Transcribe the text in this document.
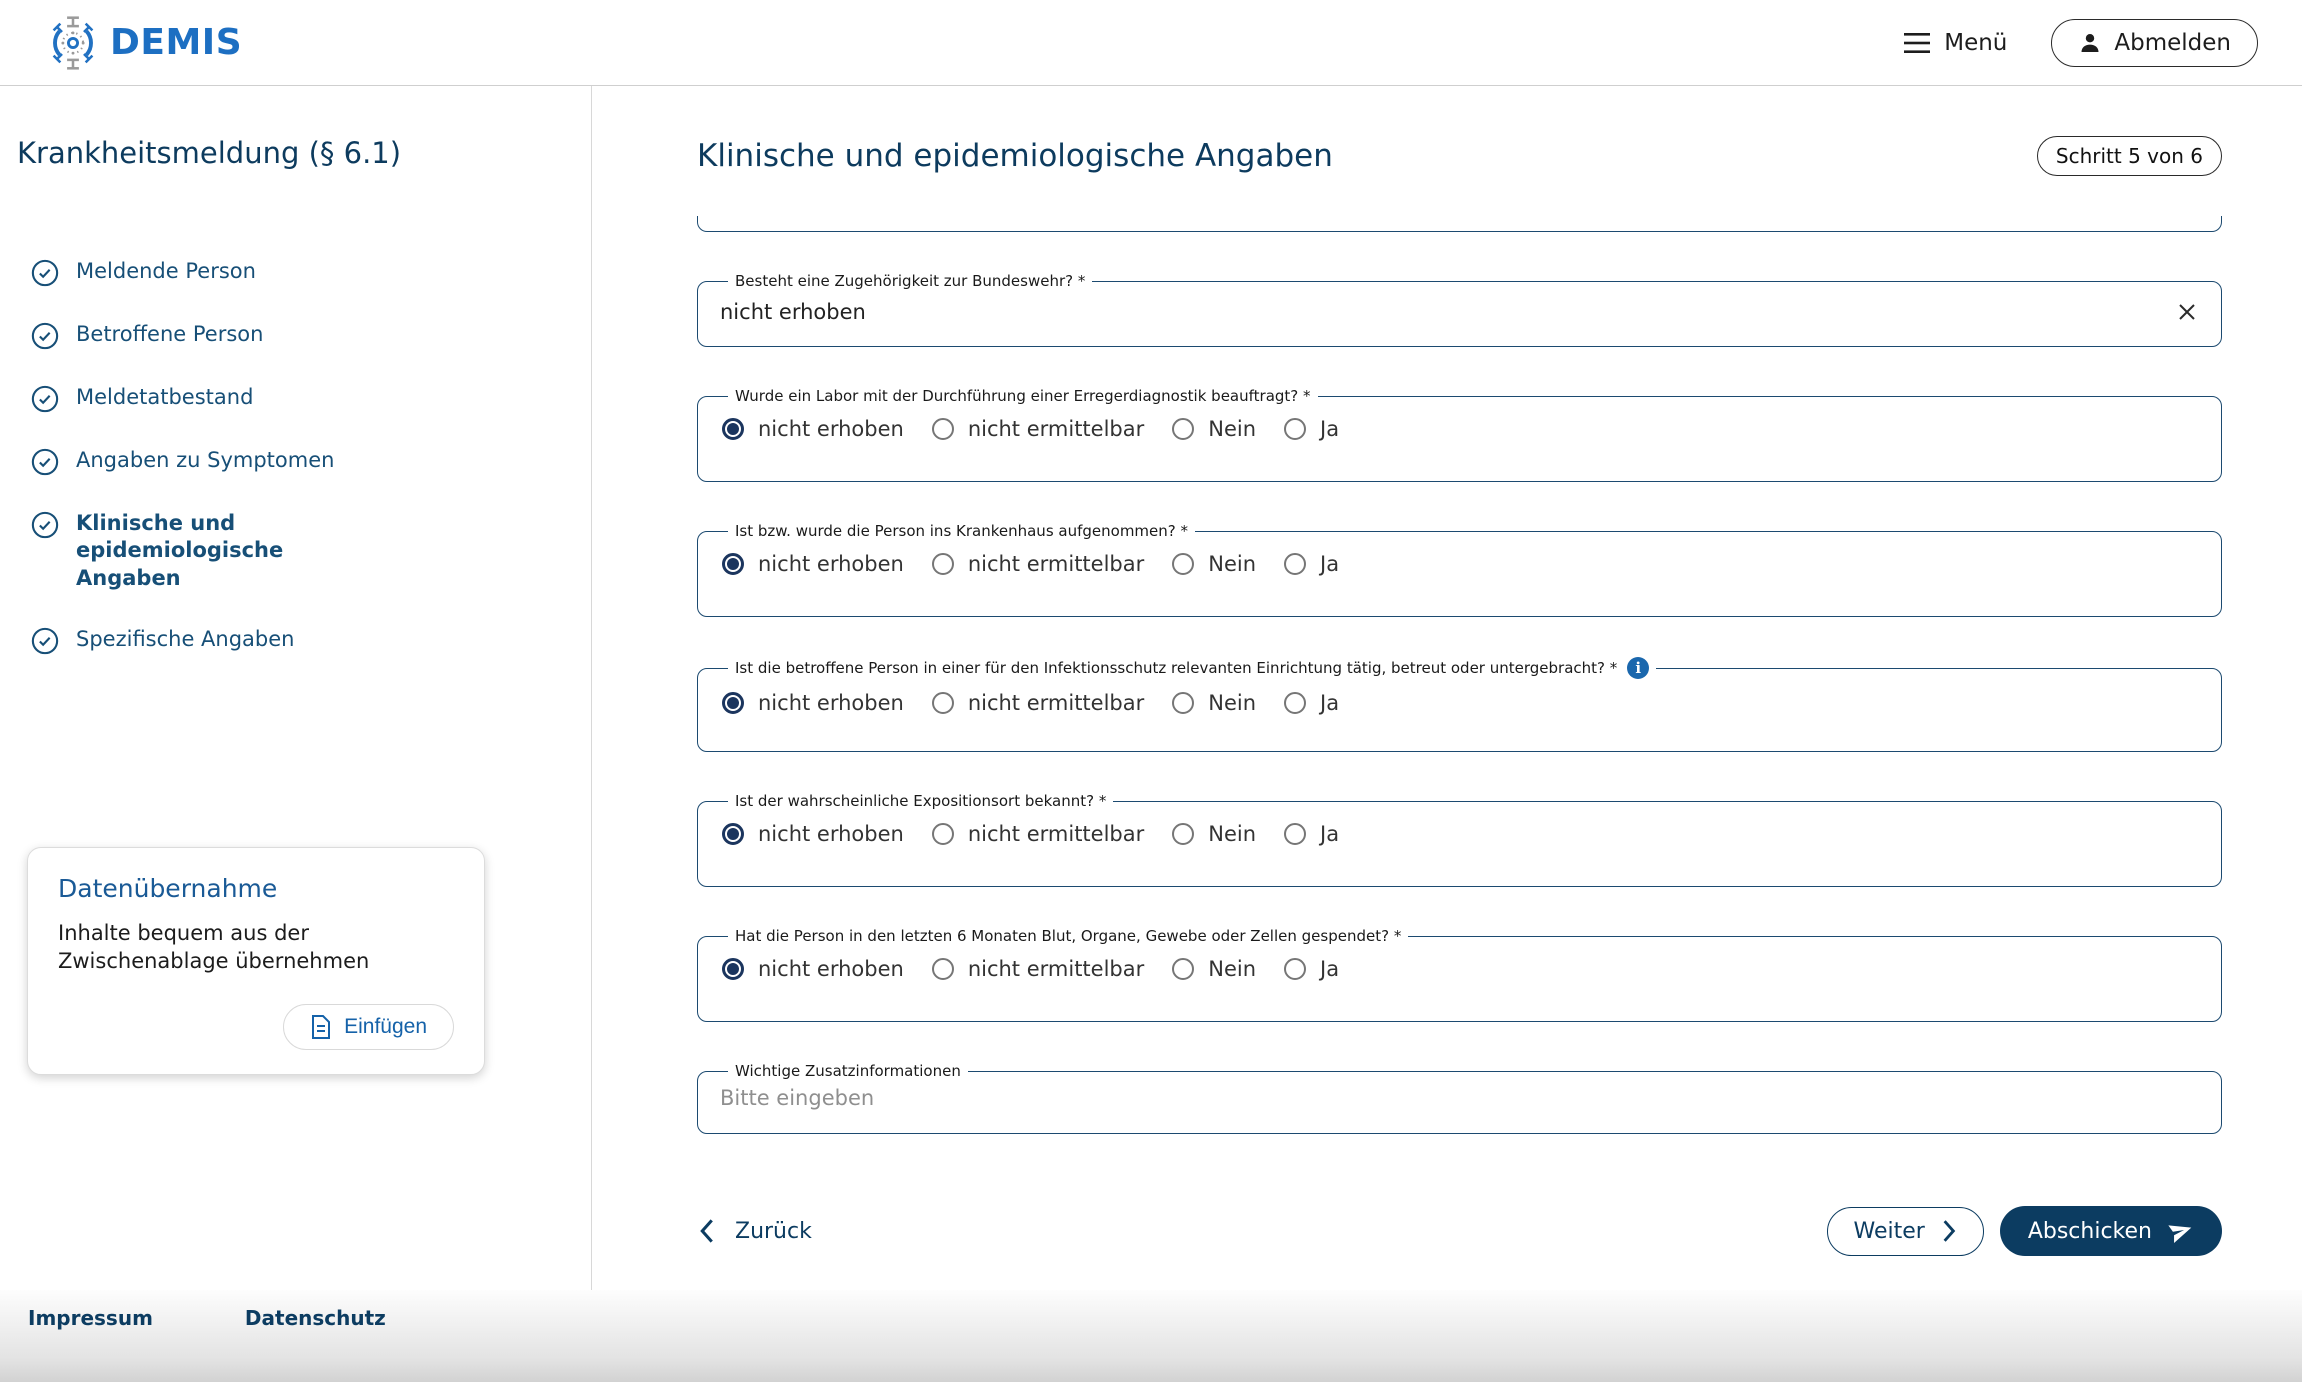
DEMIS	Menü	Abmelden
Krankheitsmeldung (§ 6.1)
Meldende Person
Betroffene Person
Meldetatbestand
Angaben zu Symptomen
Klinische und epidemiologische Angaben
Spezifische Angaben
Datenübernahme
Inhalte bequem aus der Zwischenablage übernehmen
Einfügen
Klinische und epidemiologische Angaben	Schritt 5 von 6
Besteht eine Zugehörigkeit zur Bundeswehr? *
nicht erhoben
Wurde ein Labor mit der Durchführung einer Erregerdiagnostik beauftragt? *
nicht erhoben	nicht ermittelbar	Nein	Ja
Ist bzw. wurde die Person ins Krankenhaus aufgenommen? *
nicht erhoben	nicht ermittelbar	Nein	Ja
Ist die betroffene Person in einer für den Infektionsschutz relevanten Einrichtung tätig, betreut oder untergebracht? *	i
nicht erhoben	nicht ermittelbar	Nein	Ja
Ist der wahrscheinliche Expositionsort bekannt? *
nicht erhoben	nicht ermittelbar	Nein	Ja
Hat die Person in den letzten 6 Monaten Blut, Organe, Gewebe oder Zellen gespendet? *
nicht erhoben	nicht ermittelbar	Nein	Ja
Wichtige Zusatzinformationen
Bitte eingeben
Zurück	Weiter	Abschicken
Impressum	Datenschutz
